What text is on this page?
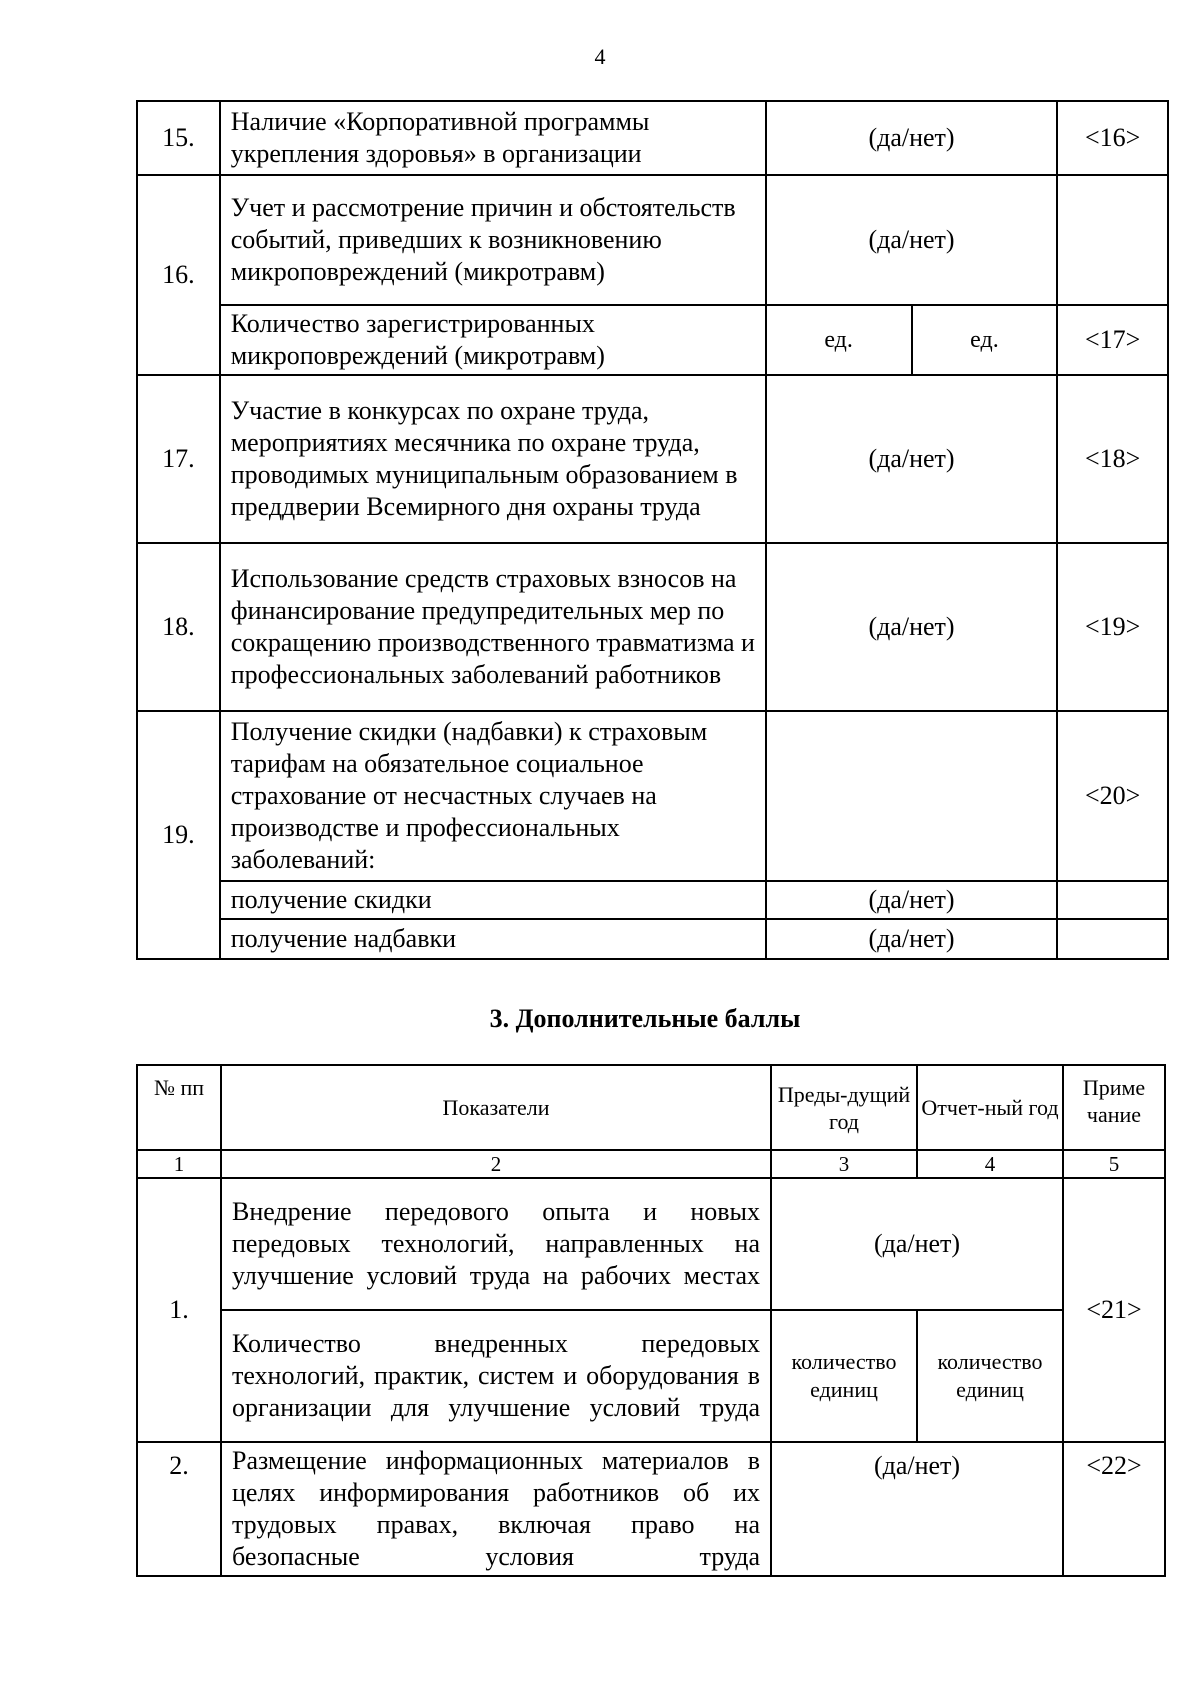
4
15.	Наличие «Корпоративной программы укрепления здоровья» в организации	(да/нет)		<16>
16.	Учет и рассмотрение причин и обстоятельств событий, приведших к возникновению микроповреждений (микротравм)	(да/нет)		
	Количество зарегистрированных микроповреждений (микротравм)	ед.	ед.	<17>
17.	Участие в конкурсах по охране труда, мероприятиях месячника по охране труда, проводимых муниципальным образованием в преддверии Всемирного дня охраны труда	(да/нет)		<18>
18.	Использование средств страховых взносов на финансирование предупредительных мер по сокращению производственного травматизма и профессиональных заболеваний работников	(да/нет)		<19>
19.	Получение скидки (надбавки) к страховым тарифам на обязательное социальное страхование от несчастных случаев на производстве и профессиональных заболеваний:			<20>
	получение скидки	(да/нет)		
	получение надбавки	(да/нет)		
3. Дополнительные баллы
№ пп	Показатели	Преды-дущий год	Отчет-ный год	Приме чание
1	2	3	4	5
1.	Внедрение передового опыта и новых передовых технологий, направленных на улучшение условий труда на рабочих местах	(да/нет)		<21>
	Количество внедренных передовых технологий, практик, систем и оборудования в организации для улучшение условий труда	количество единиц	количество единиц	
2.	Размещение информационных материалов в целях информирования работников об их трудовых правах, включая право на безопасные условия труда	(да/нет)		<22>
